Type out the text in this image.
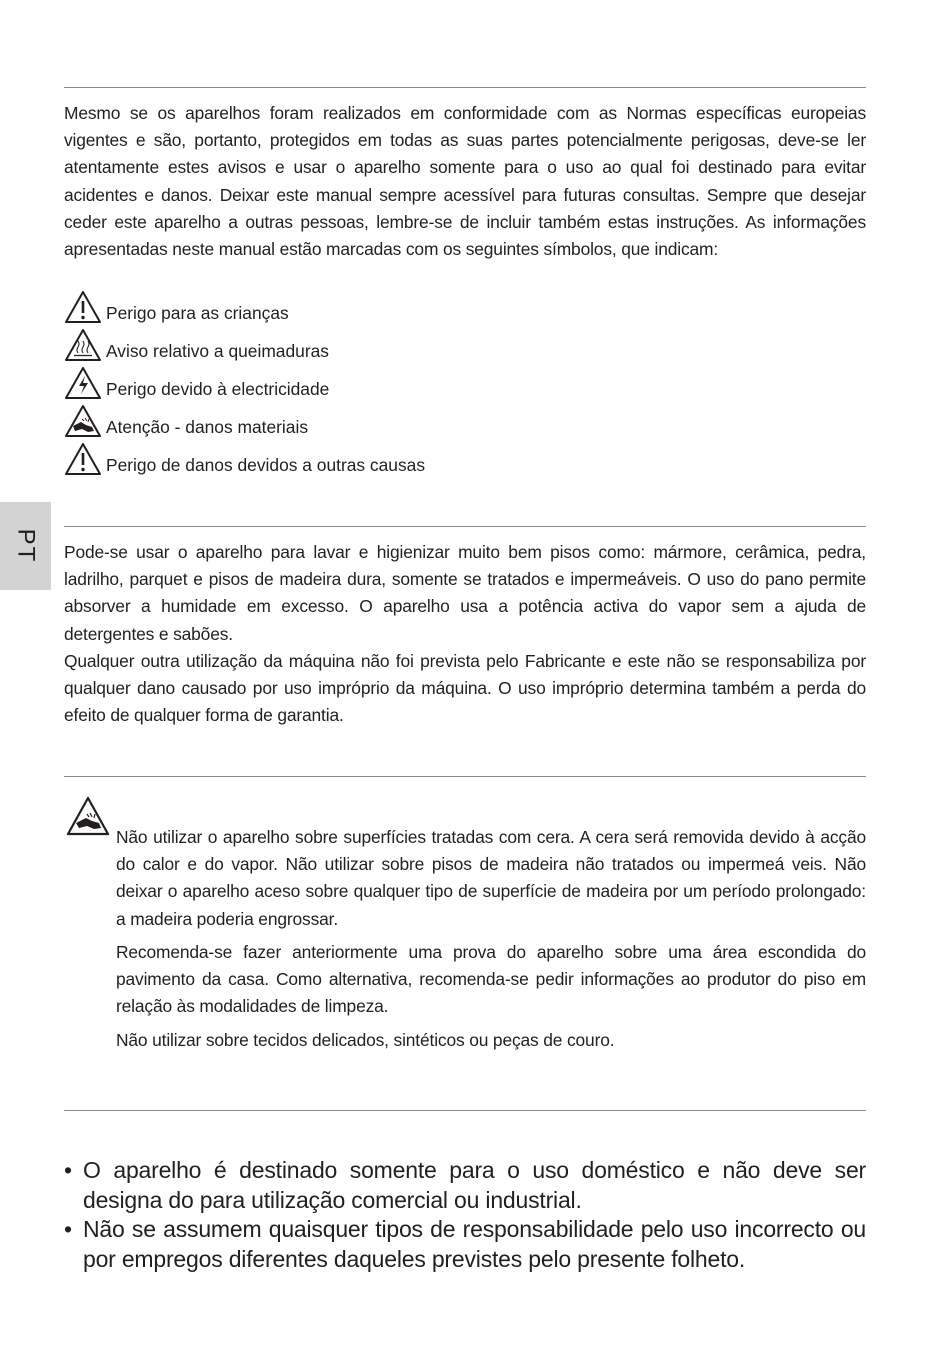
Mesmo se os aparelhos foram realizados em conformidade com as Normas específicas europeias vigentes e são, portanto, protegidos em todas as suas partes potencialmente perigosas, deve-se ler atentamente estes avisos e usar o aparelho somente para o uso ao qual foi destinado para evitar acidentes e danos. Deixar este manual sempre acessível para futuras consultas. Sempre que desejar ceder este aparelho a outras pessoas, lembre-se de incluir também estas instruções. As informações apresentadas neste manual estão marcadas com os seguintes símbolos, que indicam:

Perigo para as crianças
Aviso relativo a queimaduras
Perigo devido à electricidade
Atenção - danos materiais
Perigo de danos devidos a outras causas
PT Pode-se usar o aparelho para lavar e higienizar muito bem pisos como: mármore, cerâmica, pedra, ladrilho, parquet e pisos de madeira dura, somente se tratados e impermeáveis. O uso do pano permite absorver a humidade em excesso. O aparelho usa a potência activa do vapor sem a ajuda de detergentes e sabões.

Qualquer outra utilização da máquina não foi prevista pelo Fabricante e este não se responsabiliza por qualquer dano causado por uso impróprio da máquina. O uso impróprio determina também a perda do efeito de qualquer forma de garantia.

Não utilizar o aparelho sobre superfícies tratadas com cera. A cera será removida devido à acção do calor e do vapor. Não utilizar sobre pisos de madeira não tratados ou impermeá veis. Não deixar o aparelho aceso sobre qualquer tipo de superfície de madeira por um período prolongado: a madeira poderia engrossar.

Recomenda-se fazer anteriormente uma prova do aparelho sobre uma área escondida do pavimento da casa. Como alternativa, recomenda-se pedir informações ao produtor do piso em relação às modalidades de limpeza.

Não utilizar sobre tecidos delicados, sintéticos ou peças de couro.

• O aparelho é destinado somente para o uso doméstico e não deve ser designa do para utilização comercial ou industrial.
• Não se assumem quaisquer tipos de responsabilidade pelo uso incorrecto ou por empregos diferentes daqueles previstes pelo presente folheto.
